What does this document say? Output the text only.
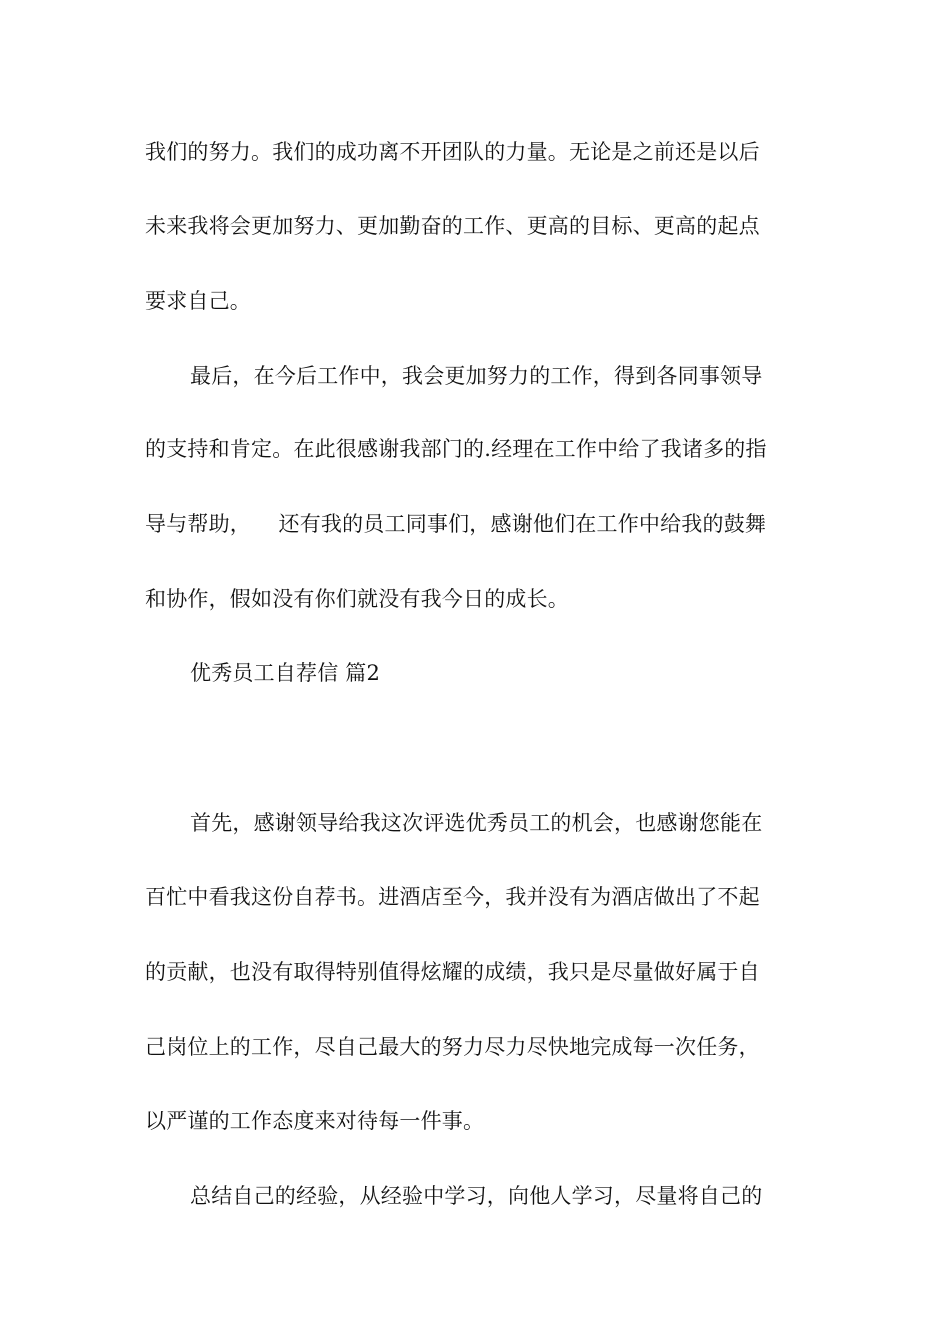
我们的努力。我们的成功离不开团队的力量。无论是之前还是以后
未来我将会更加努力、更加勤奋的工作、更高的目标、更高的起点
要求自己。
最后，在今后工作中，我会更加努力的工作，得到各同事领导
的支持和肯定。在此很感谢我部门的.经理在工作中给了我诸多的指
导与帮助，    还有我的员工同事们，感谢他们在工作中给我的鼓舞
和协作，假如没有你们就没有我今日的成长。
优秀员工自荐信 篇2
首先，感谢领导给我这次评选优秀员工的机会，也感谢您能在
百忙中看我这份自荐书。进酒店至今，我并没有为酒店做出了不起
的贡献，也没有取得特别值得炫耀的成绩，我只是尽量做好属于自
己岗位上的工作，尽自己最大的努力尽力尽快地完成每一次任务，
以严谨的工作态度来对待每一件事。
总结自己的经验，从经验中学习，向他人学习，尽量将自己的
